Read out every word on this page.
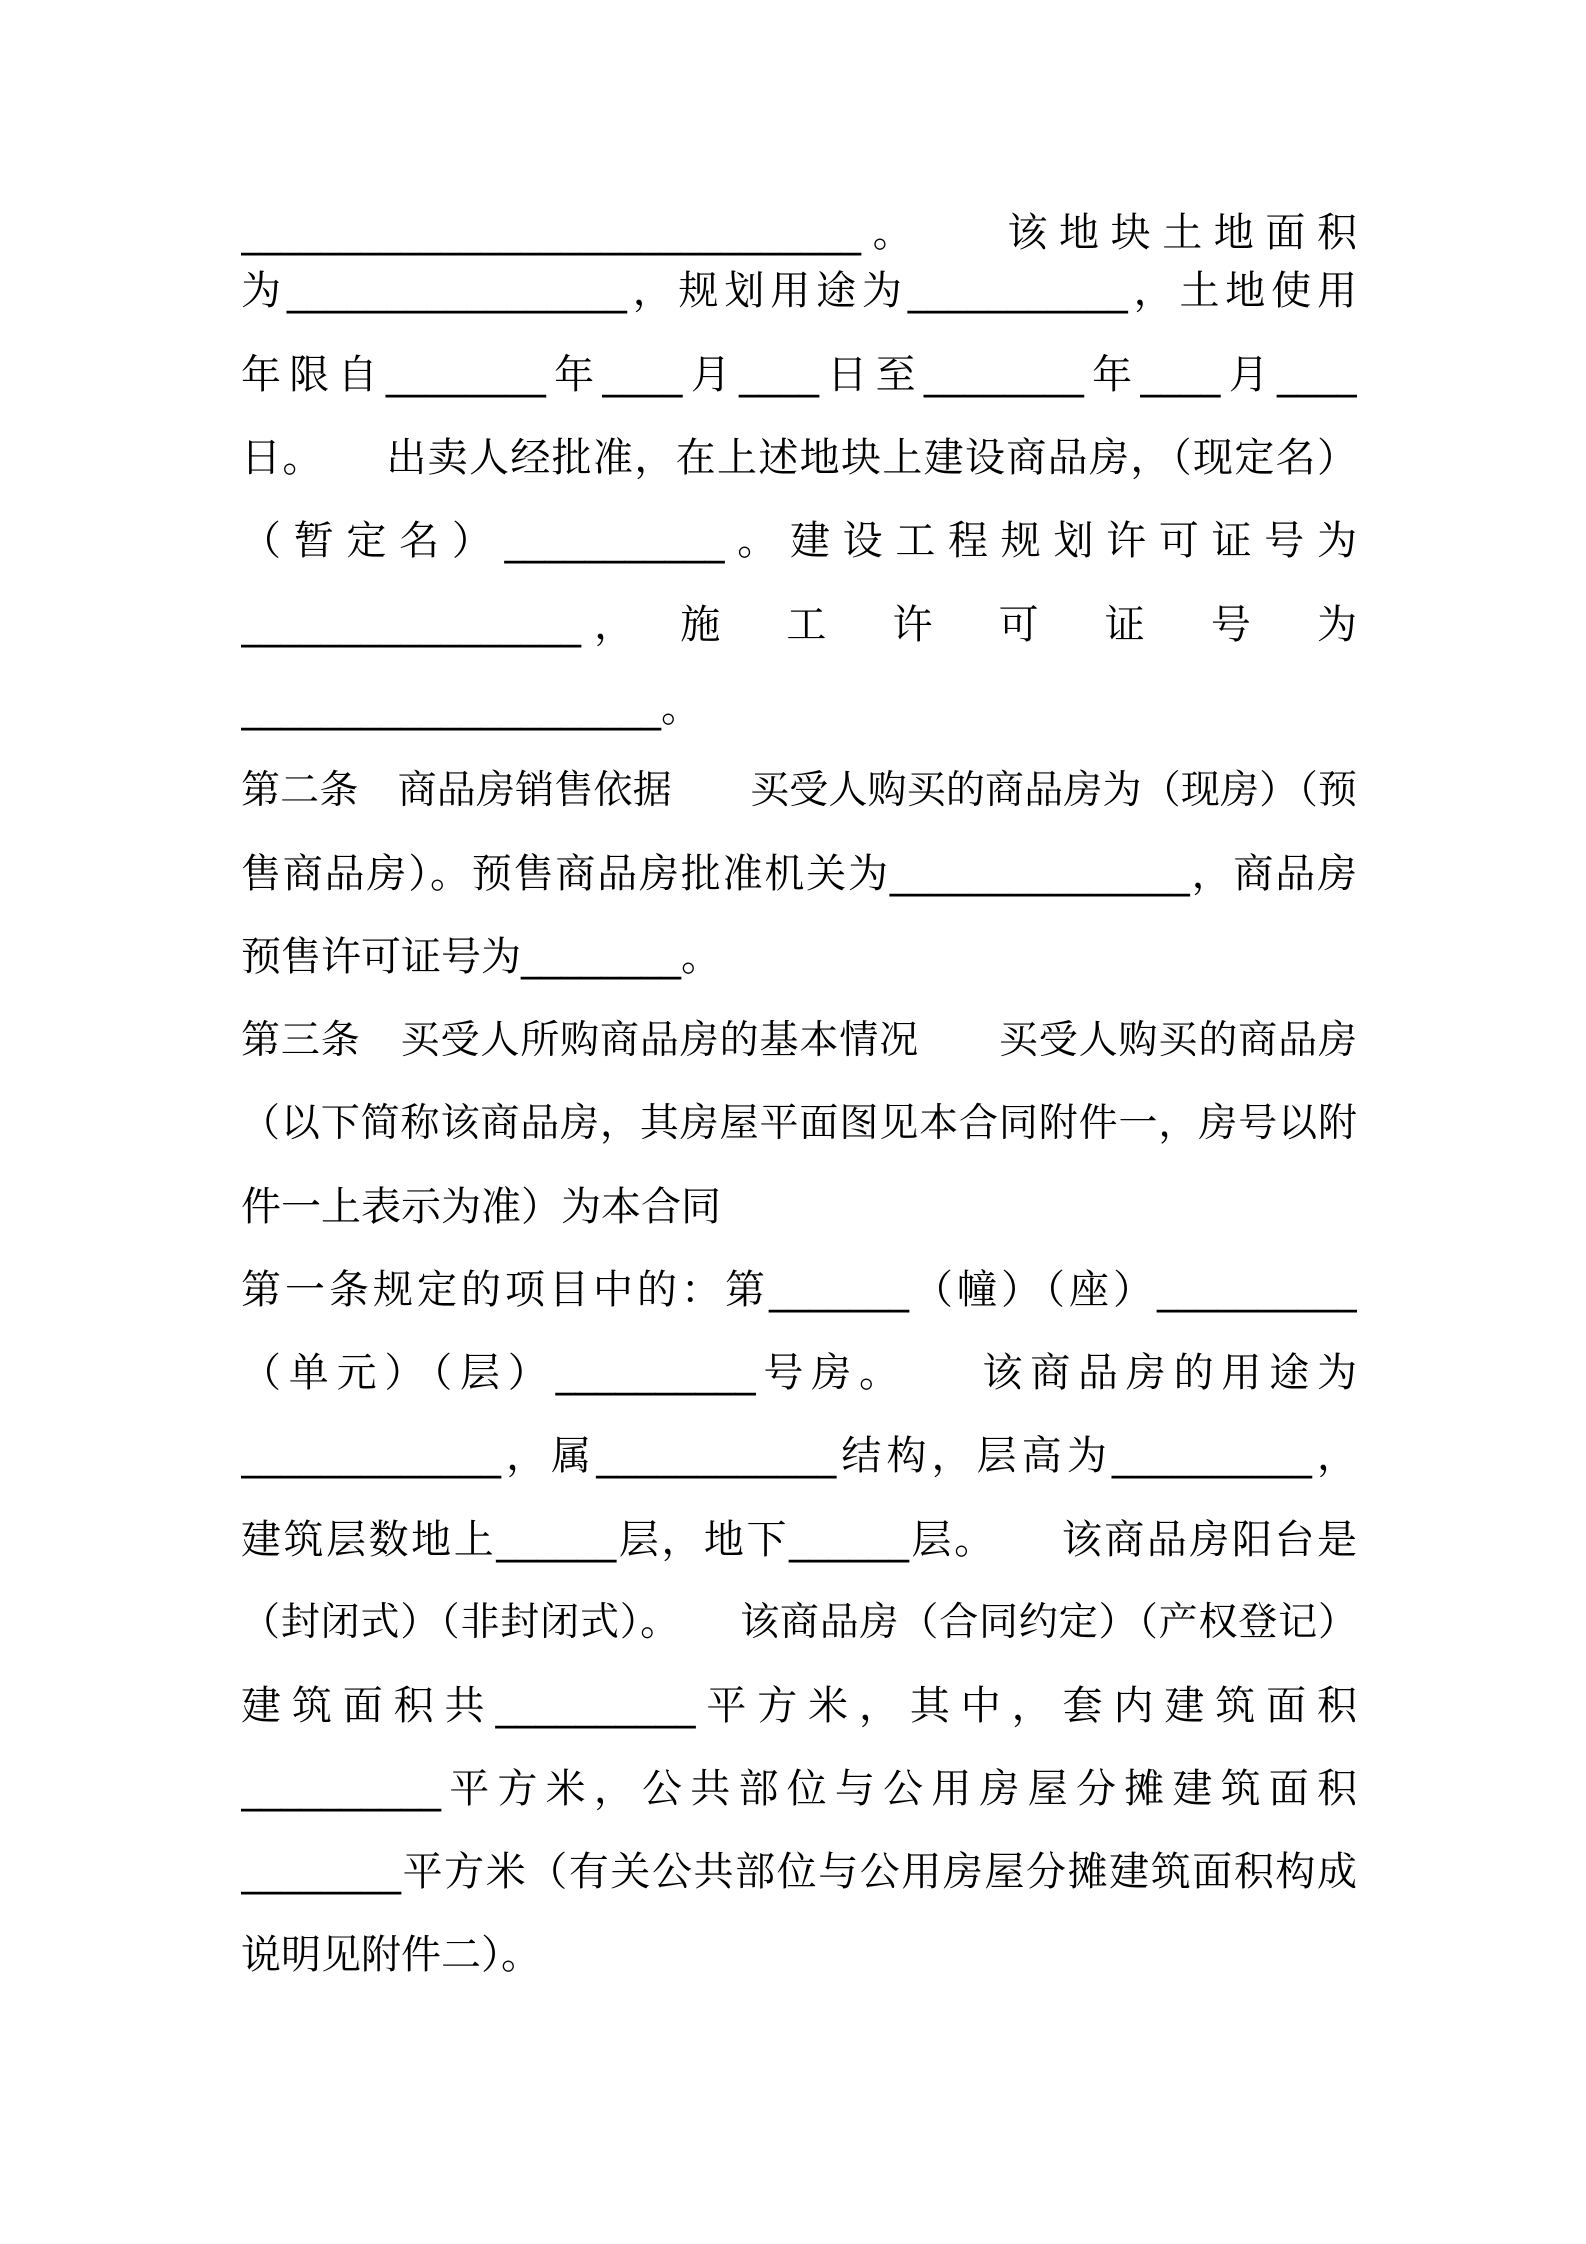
_______________________________。　　该地块土地面积
为_________________，规划用途为___________，土地使用
年限自________年____月____日至________年____月____
日。　　出卖人经批准，在上述地块上建设商品房，（现定名）
（暂定名）___________。建设工程规划许可证号为
_________________，　施　工　许　可　证　号　为
_____________________。
第二条　商品房销售依据　　买受人购买的商品房为（现房）（预
售商品房）。预售商品房批准机关为_______________，商品房
预售许可证号为________。
第三条　买受人所购商品房的基本情况　　买受人购买的商品房
（以下简称该商品房，其房屋平面图见本合同附件一，房号以附
件一上表示为准）为本合同
第一条规定的项目中的：第_______（幢）（座）__________
（单元）（层）__________号房。　　该商品房的用途为
_____________，属____________结构，层高为__________，
建筑层数地上______层，地下______层。　　该商品房阳台是
（封闭式）（非封闭式）。　　该商品房（合同约定）（产权登记）
建筑面积共__________平方米，其中，套内建筑面积
__________平方米，公共部位与公用房屋分摊建筑面积
________平方米（有关公共部位与公用房屋分摊建筑面积构成
说明见附件二）。
